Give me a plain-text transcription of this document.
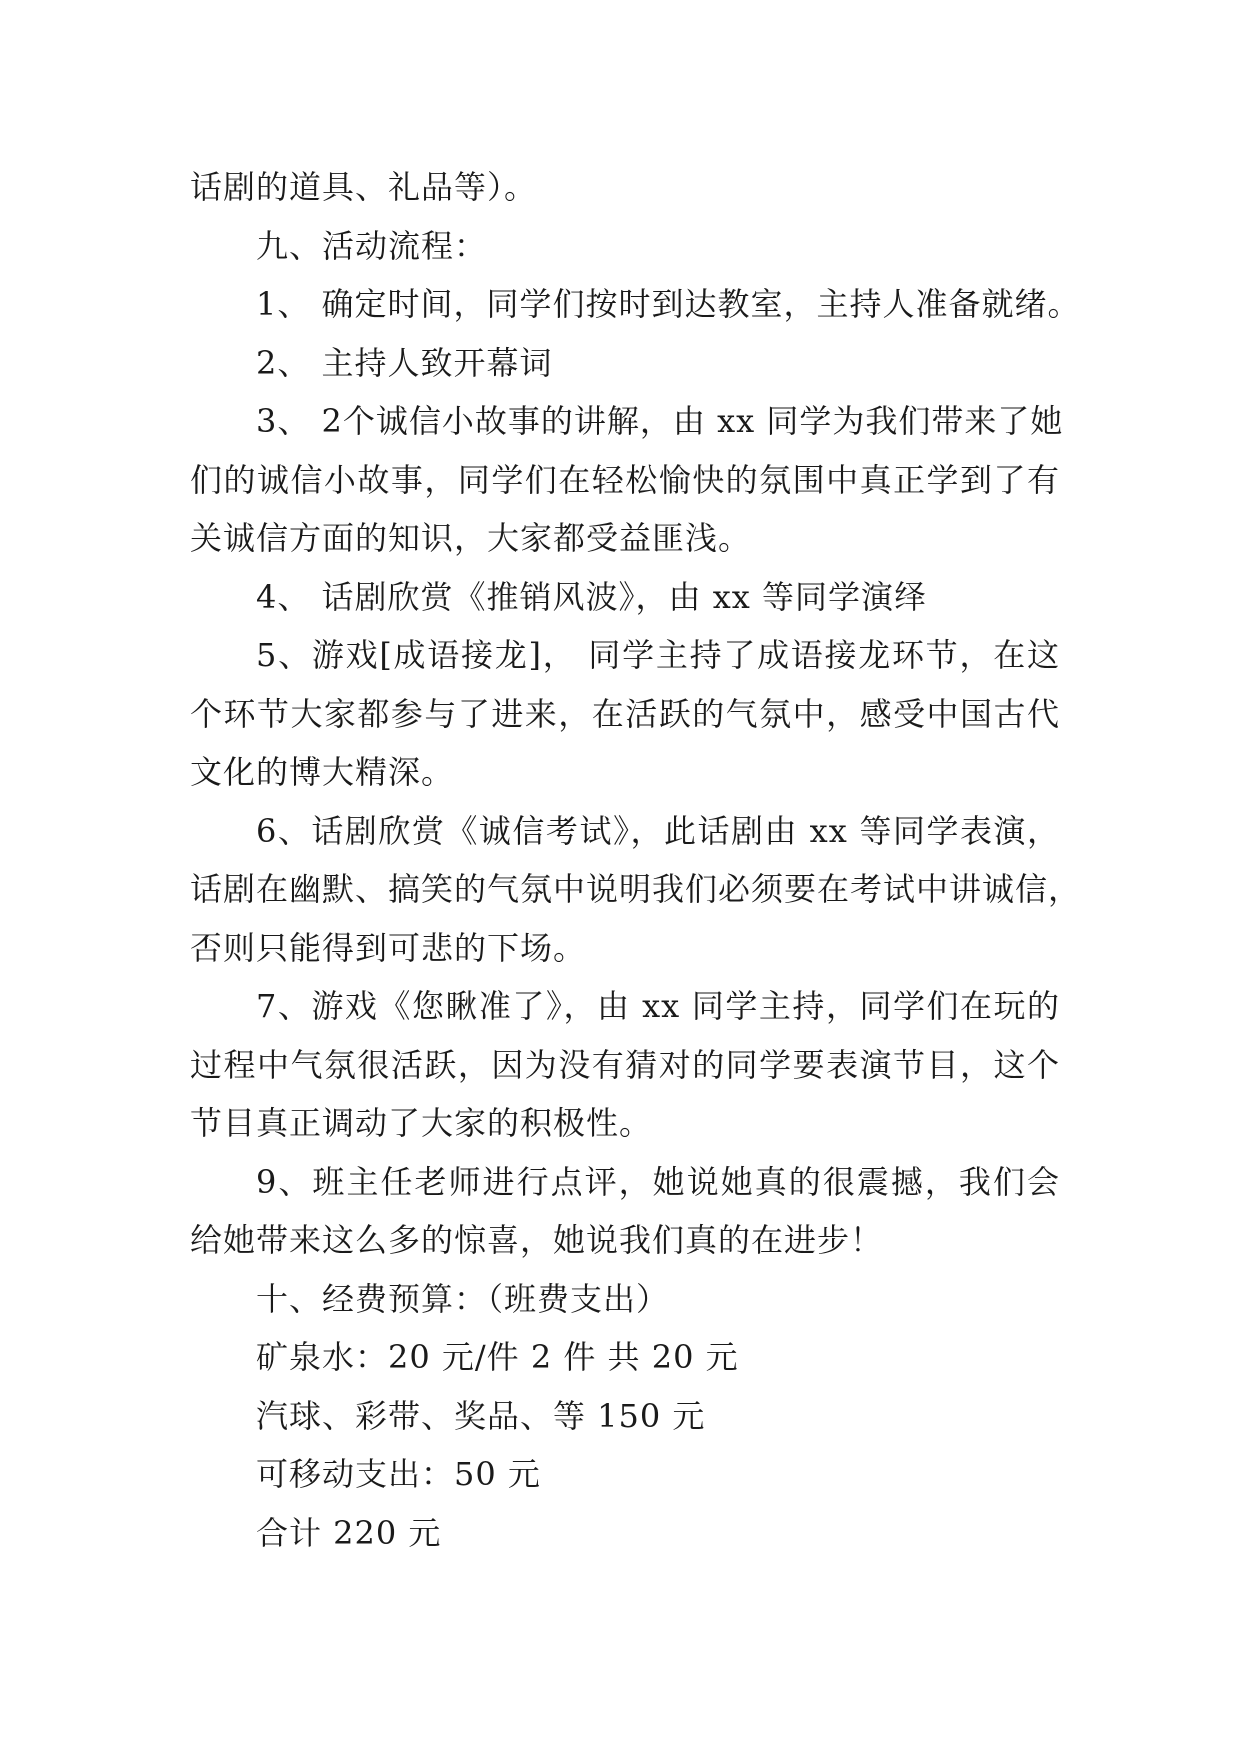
话剧的道具、礼品等）。
九、活动流程：
1、 确定时间，同学们按时到达教室，主持人准备就绪。
2、 主持人致开幕词
3、 2个诚信小故事的讲解，由 xx 同学为我们带来了她
们的诚信小故事，同学们在轻松愉快的氛围中真正学到了有
关诚信方面的知识，大家都受益匪浅。
4、 话剧欣赏《推销风波》，由 xx 等同学演绎
5、游戏[成语接龙]， 同学主持了成语接龙环节，在这
个环节大家都参与了进来，在活跃的气氛中，感受中国古代
文化的博大精深。
6、话剧欣赏《诚信考试》，此话剧由 xx 等同学表演，
话剧在幽默、搞笑的气氛中说明我们必须要在考试中讲诚信，
否则只能得到可悲的下场。
7、游戏《您瞅准了》，由 xx 同学主持，同学们在玩的
过程中气氛很活跃，因为没有猜对的同学要表演节目，这个
节目真正调动了大家的积极性。
9、班主任老师进行点评，她说她真的很震撼，我们会
给她带来这么多的惊喜，她说我们真的在进步！
十、经费预算：（班费支出）
矿泉水：20 元/件 2 件 共 20 元
汽球、彩带、奖品、等 150 元
可移动支出：50 元
合计 220 元
